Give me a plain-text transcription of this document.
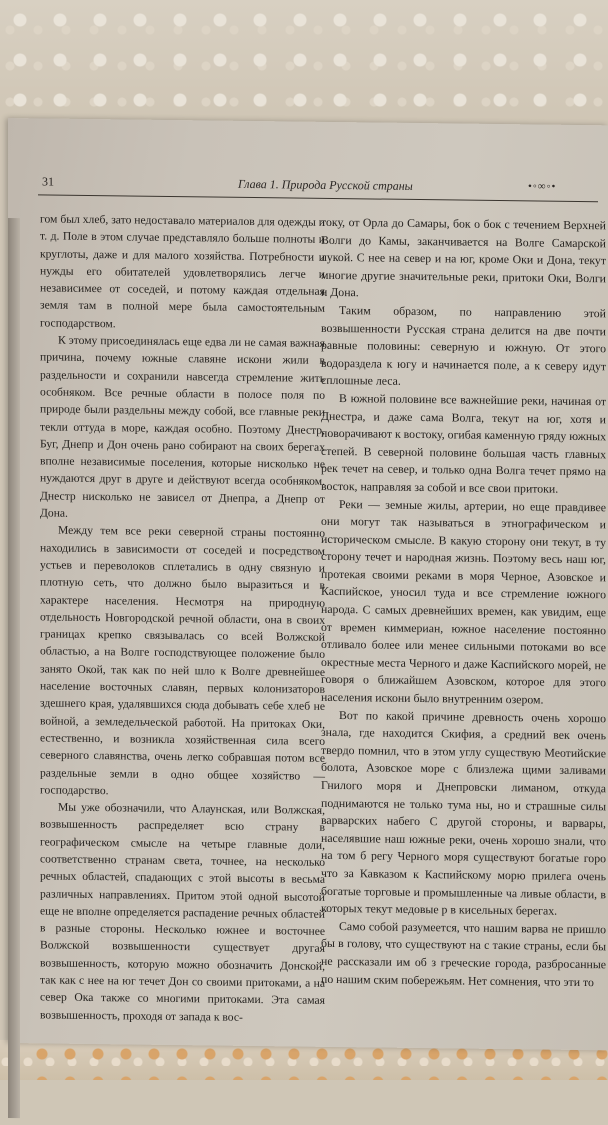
31	Глава 1. Природа Русской страны	•◦∞◦•

гом был хлеб, зато недоставало материалов для одежды и т. д. Поле в этом случае представляло больше полноты и круглоты, даже и для малого хозяйства. Потребности и нужды его обитателей удовлетворялись легче и независимее от соседей, и потому каждая отдельная земля там в полной мере была самостоятельным господарством.

К этому присоединялась еще едва ли не самая важная причина, почему южные славяне искони жили в раздельности и сохранили навсегда стремление жить особняком. Все речные области в полосе поля по природе были раздельны между собой, все главные реки текли оттуда в море, каждая особно. Поэтому Днестр, Буг, Днепр и Дон очень рано собирают на своих берегах вполне независимые поселения, которые нисколько не нуждаются друг в друге и действуют всегда особняком. Днестр нисколько не зависел от Днепра, а Днепр от Дона.

Между тем все реки северной страны постоянно находились в зависимости от соседей и посредством устьев и переволоков сплетались в одну связную и плотную сеть, что должно было выразиться и в характере населения. Несмотря на природную отдельность Новгородской речной области, она в своих границах крепко связывалась со всей Волжской областью, а на Волге господствующее положение было занято Окой, так как по ней шло к Волге древнейшее население восточных славян, первых колонизаторов здешнего края, удалявшихся сюда добывать себе хлеб не войной, а земледельческой работой. На притоках Оки, естественно, и возникла хозяйственная сила всего северного славянства, очень легко собравшая потом все раздельные земли в одно общее хозяйство — господарство.

Мы уже обозначили, что Алаунская, или Волжская, возвышенность распределяет всю страну в географическом смысле на четыре главные доли, соответственно странам света, точнее, на несколько речных областей, спадающих с этой высоты в весьма различных направлениях. Притом этой одной высотой еще не вполне определяется распадение речных областей в разные стороны. Несколько южнее и восточнее Волжской возвышенности существует другая возвышенность, которую можно обозначить Донской, так как с нее на юг течет Дон со своими притоками, а на север Ока также со многими притоками. Эта самая возвышенность, проходя от запада к вос-

току, от Орла до Самары, бок о бок с течением Верхней Волги до Камы, заканчивается на Волге Самарской лукой. С нее на север и на юг, кроме Оки и Дона, текут многие другие значительные реки, притоки Оки, Волги и Дона.

Таким образом, по направлению этой возвышенности Русская страна делится на две почти равные половины: северную и южную. От этого водораздела к югу и начинается поле, а к северу идут сплошные леса.

В южной половине все важнейшие реки, начиная от Днестра, и даже сама Волга, текут на юг, хотя и поворачивают к востоку, огибая каменную гряду южных степей. В северной половине большая часть главных рек течет на север, и только одна Волга течет прямо на восток, направляя за собой и все свои притоки.

Реки — земные жилы, артерии, но еще правдивее они могут так называться в этнографическом и историческом смысле. В какую сторону они текут, в ту сторону течет и народная жизнь. Поэтому весь наш юг, протекая своими реками в моря Черное, Азовское и Каспийское, уносил туда и все стремление южного народа. С самых древнейших времен, как увидим, еще от времен киммериан, южное население постоянно отливало более или менее сильными потоками во все окрестные места Черного и даже Каспийского морей, не говоря о ближайшем Азовском, которое для этого населения искони было внутренним озером.

Вот по какой причине древность очень хорошо знала, где находится Скифия, а средний век очень твердо помнил, что в этом углу существую Меотийские болота, Азовское море с близлежа щими заливами Гнилого моря и Днепровски лиманом, откуда поднимаются не только тума ны, но и страшные силы варварских набего С другой стороны, и варвары, населявшие наш южные реки, очень хорошо знали, что на том б регу Черного моря существуют богатые горо что за Кавказом к Каспийскому морю прилега очень богатые торговые и промышленные ча ливые области, в которых текут медовые р в кисельных берегах.

Само собой разумеется, что нашим варва не пришло бы в голову, что существуют на с такие страны, если бы не рассказали им об з греческие города, разбросанные по нашим ским побережьям. Нет сомнения, что эти то
